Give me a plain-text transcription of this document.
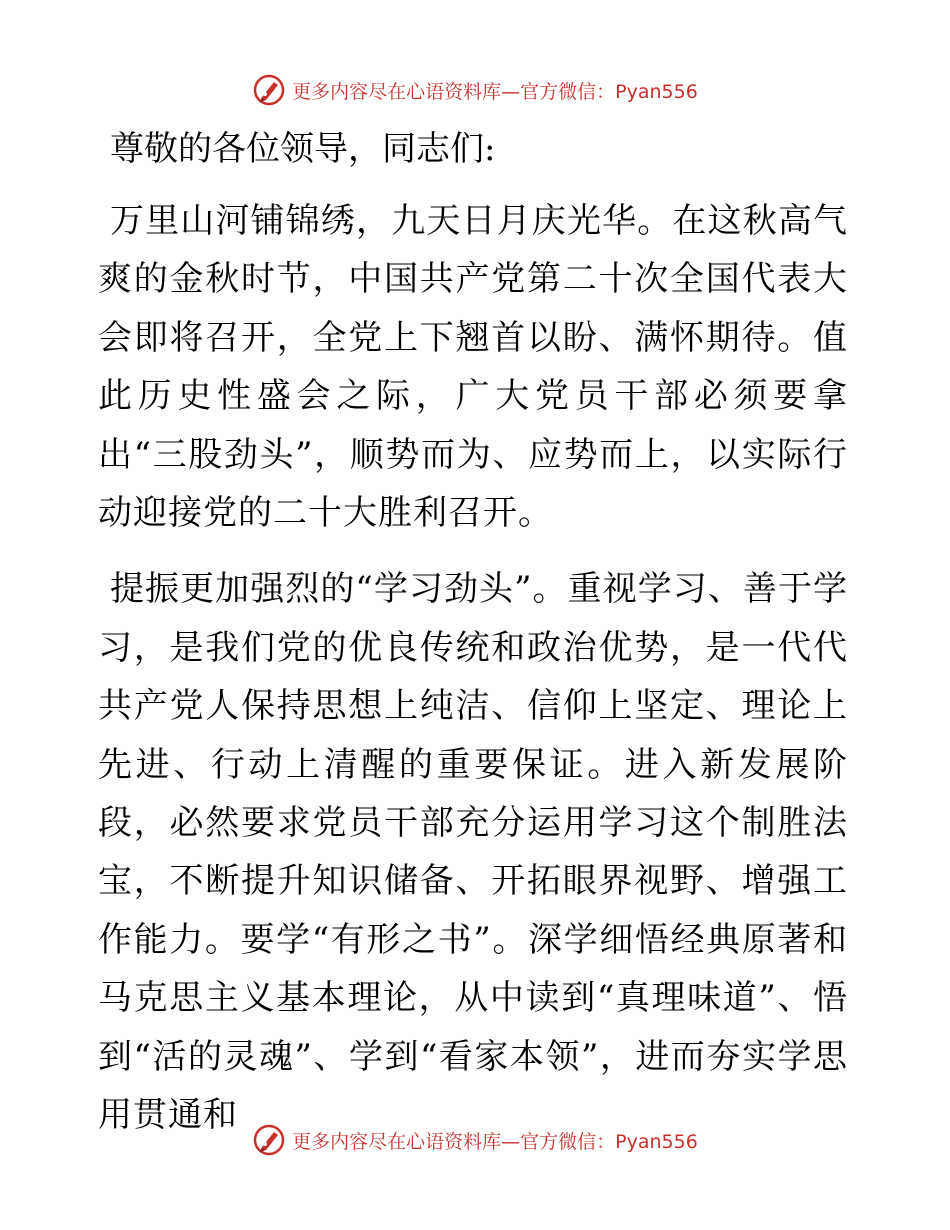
更多内容尽在心语资料库—官方微信：Pyan556
尊敬的各位领导，同志们:
万里山河铺锦绣，九天日月庆光华。在这秋高气爽的金秋时节，中国共产党第二十次全国代表大会即将召开，全党上下翘首以盼、满怀期待。值此历史性盛会之际，广大党员干部必须要拿出“三股劲头”，顺势而为、应势而上，以实际行动迎接党的二十大胜利召开。
提振更加强烈的“学习劲头”。重视学习、善于学习，是我们党的优良传统和政治优势，是一代代共产党人保持思想上纯洁、信仰上坚定、理论上先进、行动上清醒的重要保证。进入新发展阶段，必然要求党员干部充分运用学习这个制胜法宝，不断提升知识储备、开拓眼界视野、增强工作能力。要学“有形之书”。深学细悟经典原著和马克思主义基本理论，从中读到“真理味道”、悟到“活的灵魂”、学到“看家本领”，进而夯实学思用贯通和
更多内容尽在心语资料库—官方微信：Pyan556
